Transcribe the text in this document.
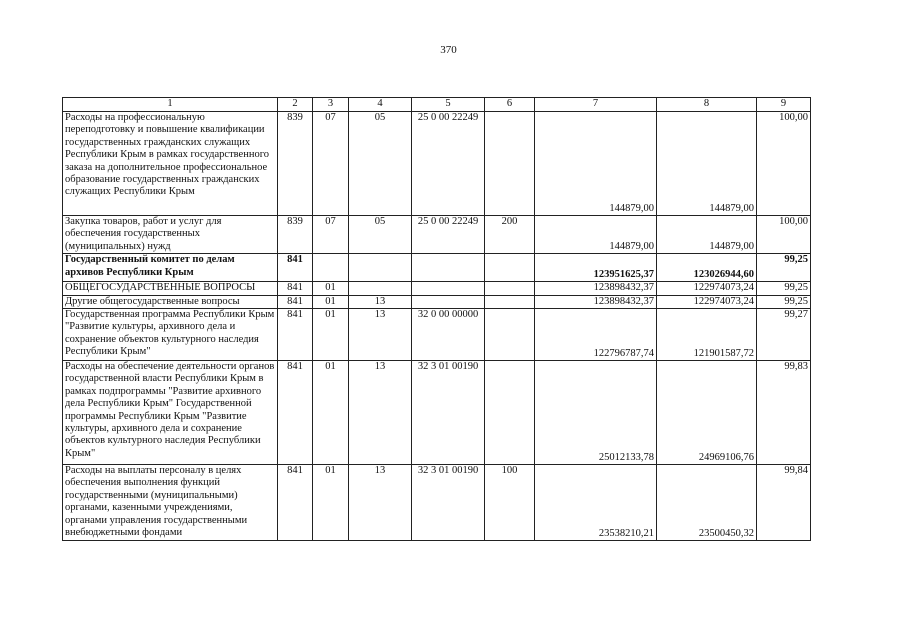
370
1	2	3	4	5	6	7	8	9
Расходы на профессиональную переподготовку и повышение квалификации государственных гражданских служащих Республики Крым в рамках государственного заказа на дополнительное профессиональное образование государственных гражданских служащих Республики Крым	839	07	05	25 0 00 22249		144879,00	144879,00	100,00
Закупка товаров, работ и услуг для обеспечения государственных (муниципальных) нужд	839	07	05	25 0 00 22249	200	144879,00	144879,00	100,00
Государственный комитет по делам архивов Республики Крым	841					123951625,37	123026944,60	99,25
ОБЩЕГОСУДАРСТВЕННЫЕ ВОПРОСЫ	841	01				123898432,37	122974073,24	99,25
Другие общегосударственные вопросы	841	01	13			123898432,37	122974073,24	99,25
Государственная программа Республики Крым "Развитие культуры, архивного дела и сохранение объектов культурного наследия Республики Крым"	841	01	13	32 0 00 00000		122796787,74	121901587,72	99,27
Расходы на обеспечение деятельности органов государственной власти Республики Крым в рамках подпрограммы "Развитие архивного дела Республики Крым" Государственной программы Республики Крым "Развитие культуры, архивного дела и сохранение объектов культурного наследия Республики Крым"	841	01	13	32 3 01 00190		25012133,78	24969106,76	99,83
Расходы на выплаты персоналу в целях обеспечения выполнения функций государственными (муниципальными) органами, казенными учреждениями, органами управления государственными внебюджетными фондами	841	01	13	32 3 01 00190	100	23538210,21	23500450,32	99,84
